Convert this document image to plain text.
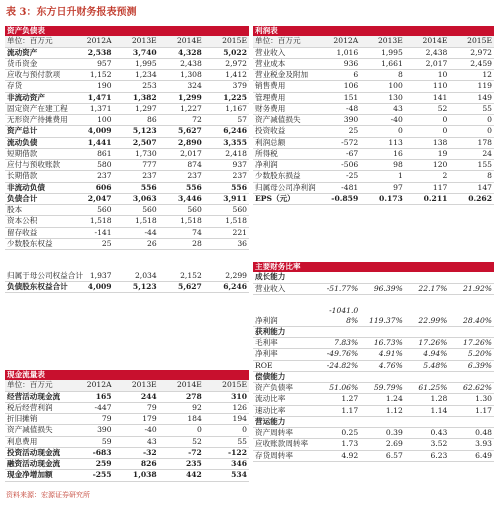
表 3：东方日升财务报表预测
资产负债表				
单位：百万元	2012A	2013E	2014E	2015E
流动资产	2,538	3,740	4,328	5,022
货币资金	957	1,995	2,438	2,972
应收与预付款项	1,152	1,234	1,308	1,412
存货	190	253	324	379
非流动资产	1,471	1,382	1,299	1,225
固定资产在建工程	1,371	1,297	1,227	1,167
无形资产待摊费用	100	86	72	57
资产总计	4,009	5,123	5,627	6,246
流动负债	1,441	2,507	2,890	3,355
短期借款	861	1,730	2,017	2,418
应付与预收账款	580	777	874	937
长期借款	237	237	237	237
非流动负债	606	556	556	556
负债合计	2,047	3,063	3,446	3,911
股本	560	560	560	560
资本公积	1,518	1,518	1,518	1,518
留存收益	-141	-44	74	221
少数股东权益	25	26	28	36
归属于母公司权益合计	1,937	2,034	2,152	2,299
负债股东权益合计	4,009	5,123	5,627	6,246
现金流量表				
单位：百万元	2012A	2013E	2014E	2015E
经营活动现金流	165	244	278	310
税后经营利润	-447	79	92	126
折旧摊销	79	179	184	194
资产减值损失	390	-40	0	0
利息费用	59	43	52	55
投资活动现金流	-683	-32	-72	-122
融资活动现金流	259	826	235	346
现金净增加额	-255	1,038	442	534
利润表				
单位：百万元	2012A	2013E	2014E	2015E
营业收入	1,016	1,995	2,438	2,972
营业成本	936	1,661	2,017	2,459
营业税金及附加	6	8	10	12
销售费用	106	100	110	119
管理费用	151	130	141	149
财务费用	-48	43	52	55
资产减值损失	390	-40	0	0
投资收益	25	0	0	0
利润总额	-572	113	138	178
所得税	-67	16	19	24
净利润	-506	98	120	155
少数股东损益	-25	1	2	8
归属母公司净利润	-481	97	117	147
EPS（元）	-0.859	0.173	0.211	0.262
主要财务比率				
成长能力				
营业收入	-51.77%	96.39%	22.17%	21.92%
净利润	-1041.08%	119.37%	22.99%	28.40%
获利能力				
毛利率	7.83%	16.73%	17.26%	17.26%
净利率	-49.76%	4.91%	4.94%	5.20%
ROE	-24.82%	4.76%	5.48%	6.39%
偿债能力				
资产负债率	51.06%	59.79%	61.25%	62.62%
流动比率	1.27	1.24	1.28	1.30
速动比率	1.17	1.12	1.14	1.17
营运能力				
资产周转率	0.25	0.39	0.43	0.48
应收账款周转率	1.73	2.69	3.52	3.93
存货周转率	4.92	6.57	6.23	6.49
资料来源：宏源证券研究所
